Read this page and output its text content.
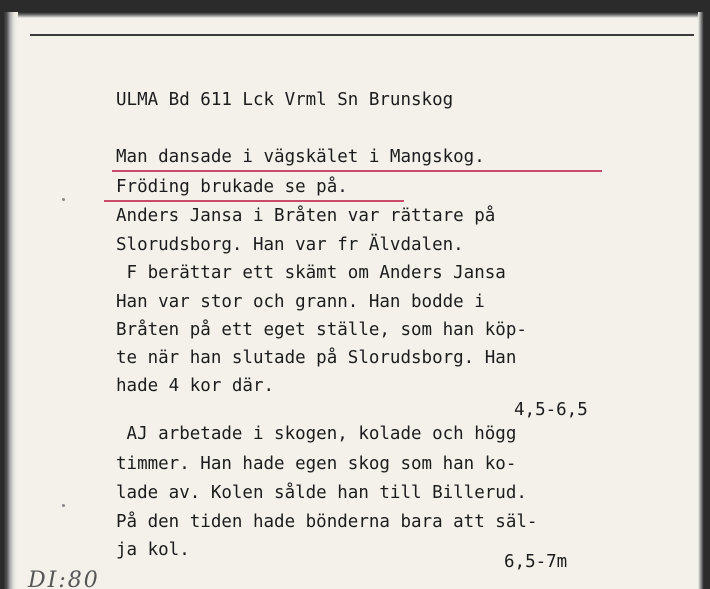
ULMA Bd 611 Lck Vrml Sn Brunskog
Man dansade i vägskälet i Mangskog.
Fröding brukade se på.
Anders Jansa i Bråten var rättare på
Slorudsborg. Han var fr Älvdalen.
F berättar ett skämt om Anders Jansa
Han var stor och grann. Han bodde i
Bråten på ett eget ställe, som han köp-
te när han slutade på Slorudsborg. Han
hade 4 kor där.
4,5-6,5
AJ arbetade i skogen, kolade och högg
timmer. Han hade egen skog som han ko-
lade av. Kolen sålde han till Billerud.
På den tiden hade bönderna bara att säl-
ja kol.
6,5-7m
DI:80
